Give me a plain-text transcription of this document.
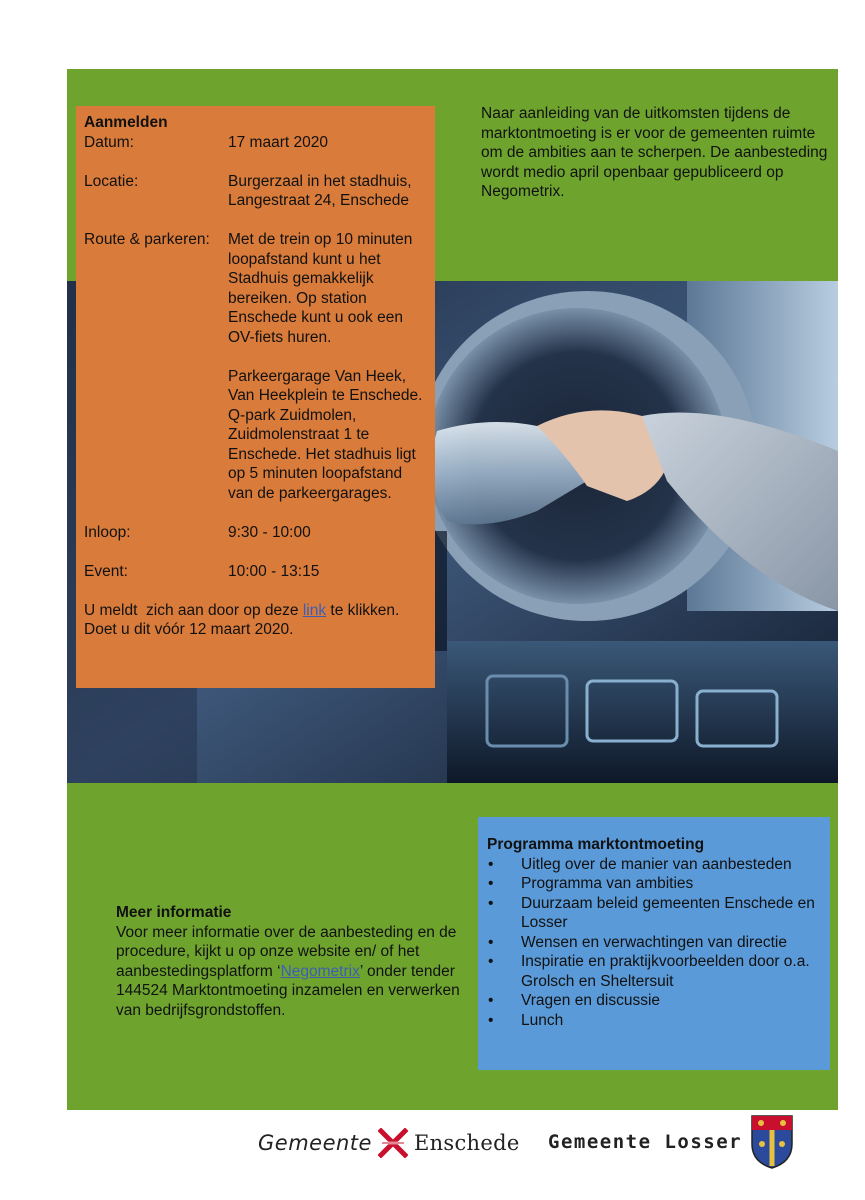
Aanmelden
Datum:	17 maart 2020
Locatie:	Burgerzaal in het stadhuis,
Langestraat 24, Enschede
Route & parkeren:	Met de trein op 10 minuten loopafstand kunt u het Stadhuis gemakkelijk bereiken. Op station Enschede kunt u ook een OV-fiets huren.
Parkeergarage Van Heek, Van Heekplein te Enschede. Q-park Zuidmolen, Zuidmolenstraat 1 te Enschede. Het stadhuis ligt op 5 minuten loopafstand van de parkeergarages.
Inloop:	9:30 - 10:00
Event:	10:00 - 13:15
U meldt  zich aan door op deze link te klikken.
Doet u dit vóór 12 maart 2020.

Naar aanleiding van de uitkomsten tijdens de marktontmoeting is er voor de gemeenten ruimte om de ambities aan te scherpen. De aanbesteding wordt medio april openbaar gepubliceerd op Negometrix.

Meer informatie

Voor meer informatie over de aanbesteding en de procedure, kijkt u op onze website en/ of het aanbestedingsplatform ‘Negometrix’ onder tender 144524 Marktontmoeting inzamelen en verwerken van bedrijfsgrondstoffen.

Programma marktontmoeting
•	Uitleg over de manier van aanbesteden
•	Programma van ambities
•	Duurzaam beleid gemeenten Enschede en Losser
•	Wensen en verwachtingen van directie
•	Inspiratie en praktijkvoorbeelden door o.a. Grolsch en Sheltersuit
•	Vragen en discussie
•	Lunch
Gemeente Enschede Gemeente Losser
